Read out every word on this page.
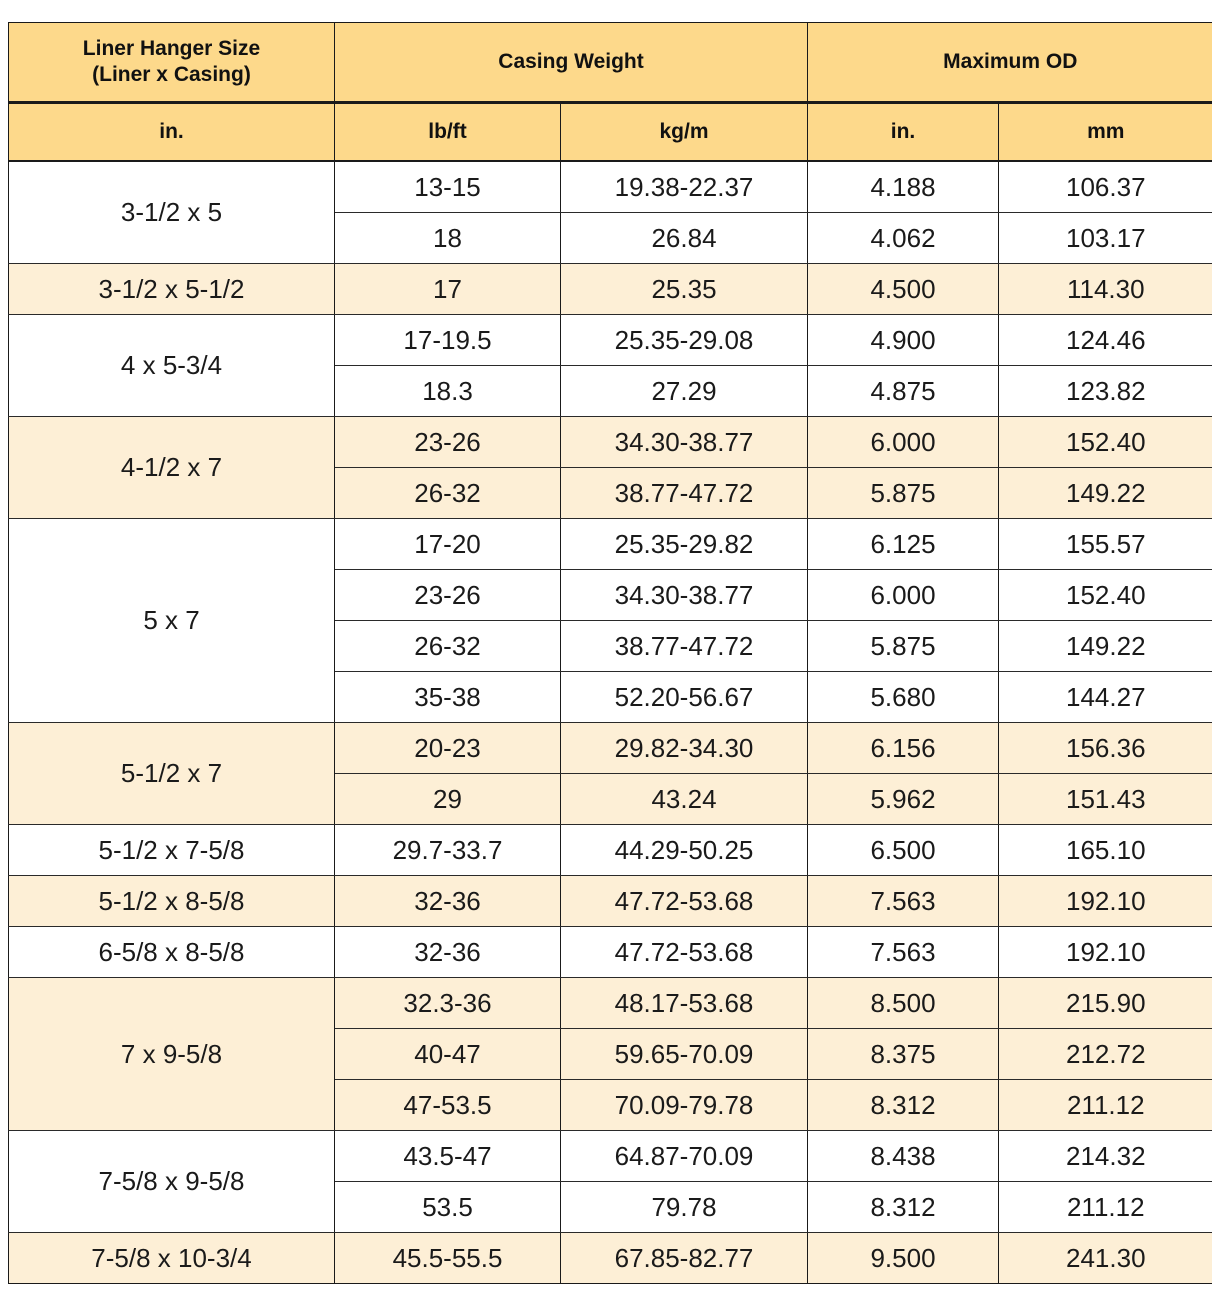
Liner Hanger Size
(Liner x Casing)	Casing Weight		Maximum OD	
in.	lb/ft	kg/m	in.	mm
3-1/2 x 5	13-15	19.38-22.37	4.188	106.37
	18	26.84	4.062	103.17
3-1/2 x 5-1/2	17	25.35	4.500	114.30
4 x 5-3/4	17-19.5	25.35-29.08	4.900	124.46
	18.3	27.29	4.875	123.82
4-1/2 x 7	23-26	34.30-38.77	6.000	152.40
	26-32	38.77-47.72	5.875	149.22
5 x 7	17-20	25.35-29.82	6.125	155.57
	23-26	34.30-38.77	6.000	152.40
	26-32	38.77-47.72	5.875	149.22
	35-38	52.20-56.67	5.680	144.27
5-1/2 x 7	20-23	29.82-34.30	6.156	156.36
	29	43.24	5.962	151.43
5-1/2 x 7-5/8	29.7-33.7	44.29-50.25	6.500	165.10
5-1/2 x 8-5/8	32-36	47.72-53.68	7.563	192.10
6-5/8 x 8-5/8	32-36	47.72-53.68	7.563	192.10
7 x 9-5/8	32.3-36	48.17-53.68	8.500	215.90
	40-47	59.65-70.09	8.375	212.72
	47-53.5	70.09-79.78	8.312	211.12
7-5/8 x 9-5/8	43.5-47	64.87-70.09	8.438	214.32
	53.5	79.78	8.312	211.12
7-5/8 x 10-3/4	45.5-55.5	67.85-82.77	9.500	241.30
